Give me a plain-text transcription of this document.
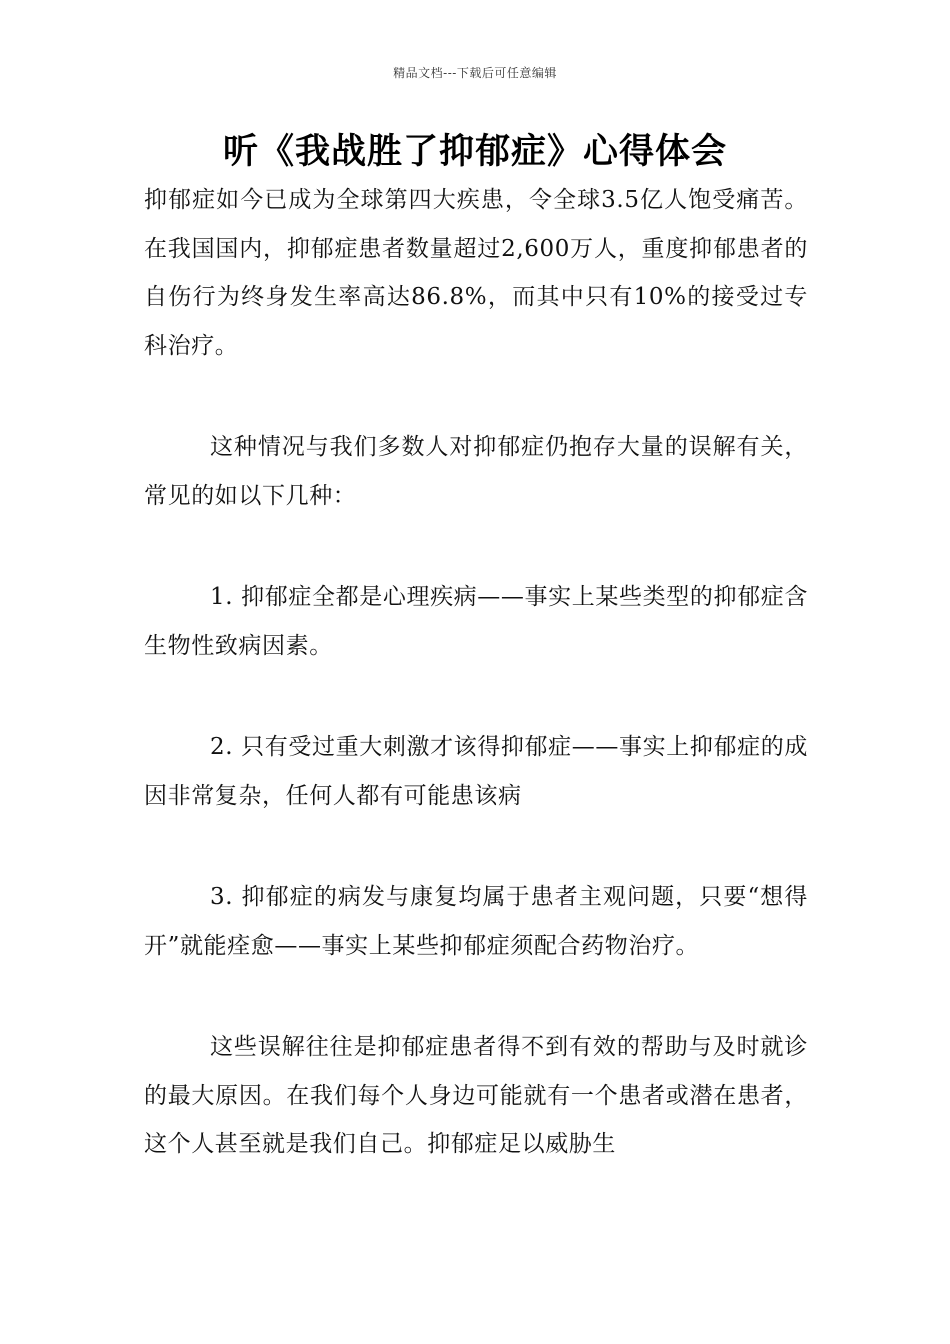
精品文档---下载后可任意编辑
听《我战胜了抑郁症》心得体会

抑郁症如今已成为全球第四大疾患，令全球3.5亿人饱受痛苦。在我国国内，抑郁症患者数量超过2,600万人，重度抑郁患者的自伤行为终身发生率高达86.8%，而其中只有10%的接受过专科治疗。

这种情况与我们多数人对抑郁症仍抱存大量的误解有关，常见的如以下几种：

1. 抑郁症全都是心理疾病——事实上某些类型的抑郁症含生物性致病因素。

2. 只有受过重大刺激才该得抑郁症——事实上抑郁症的成因非常复杂，任何人都有可能患该病

3. 抑郁症的病发与康复均属于患者主观问题，只要“想得开”就能痊愈——事实上某些抑郁症须配合药物治疗。

这些误解往往是抑郁症患者得不到有效的帮助与及时就诊的最大原因。在我们每个人身边可能就有一个患者或潜在患者，这个人甚至就是我们自己。抑郁症足以威胁生
